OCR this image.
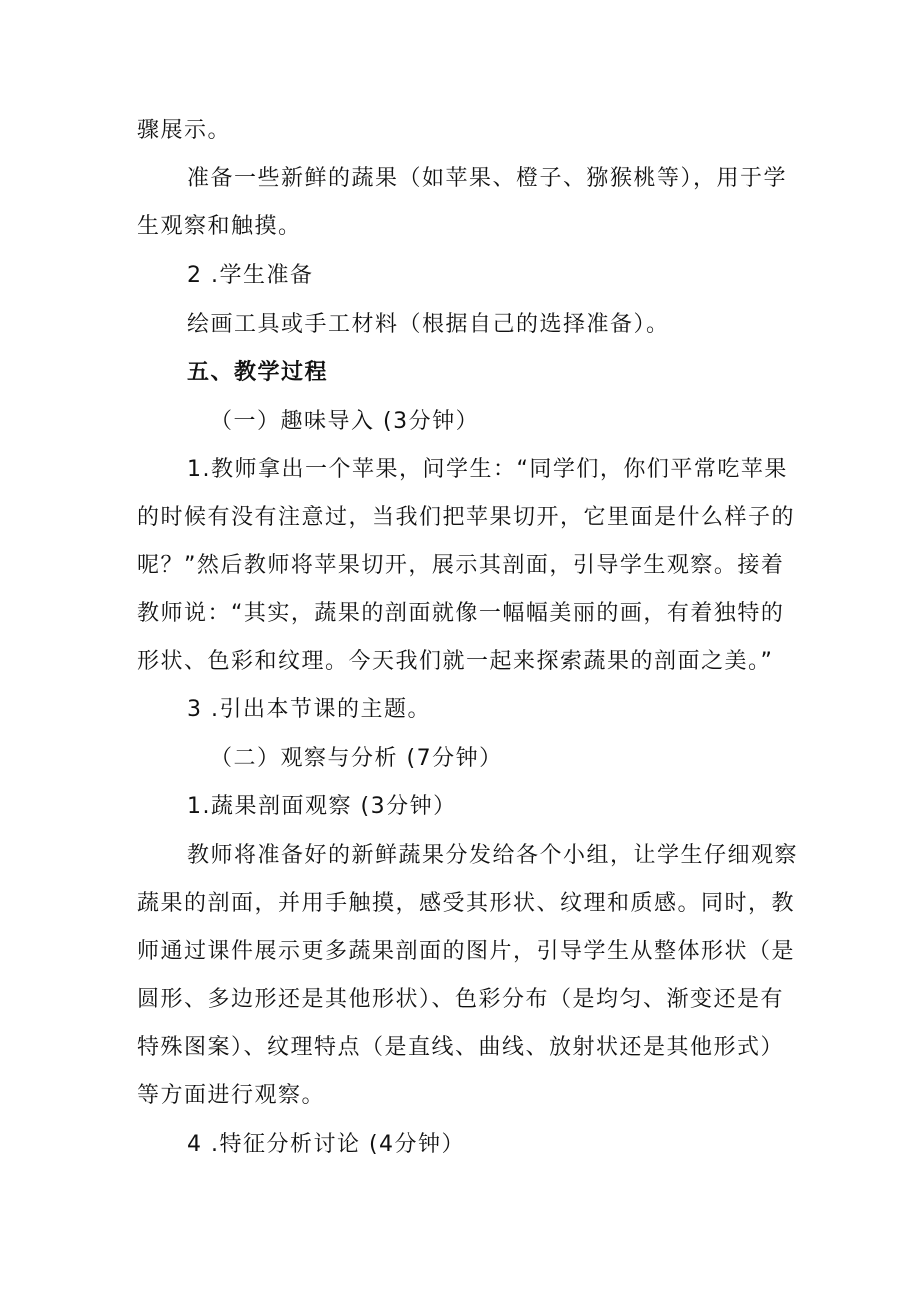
骤展示。
准备一些新鲜的蔬果（如苹果、橙子、猕猴桃等），用于学
生观察和触摸。
2 .学生准备
绘画工具或手工材料（根据自己的选择准备）。
五、教学过程
（一）趣味导入 (3分钟）
1.教师拿出一个苹果，问学生：“同学们，你们平常吃苹果
的时候有没有注意过，当我们把苹果切开，它里面是什么样子的
呢？”然后教师将苹果切开，展示其剖面，引导学生观察。接着
教师说：“其实，蔬果的剖面就像一幅幅美丽的画，有着独特的
形状、色彩和纹理。今天我们就一起来探索蔬果的剖面之美。”
3 .引出本节课的主题。
（二）观察与分析 (7分钟）
1.蔬果剖面观察 (3分钟）
教师将准备好的新鲜蔬果分发给各个小组，让学生仔细观察
蔬果的剖面，并用手触摸，感受其形状、纹理和质感。同时，教
师通过课件展示更多蔬果剖面的图片，引导学生从整体形状（是
圆形、多边形还是其他形状）、色彩分布（是均匀、渐变还是有
特殊图案）、纹理特点（是直线、曲线、放射状还是其他形式）
等方面进行观察。
4 .特征分析讨论 (4分钟）
